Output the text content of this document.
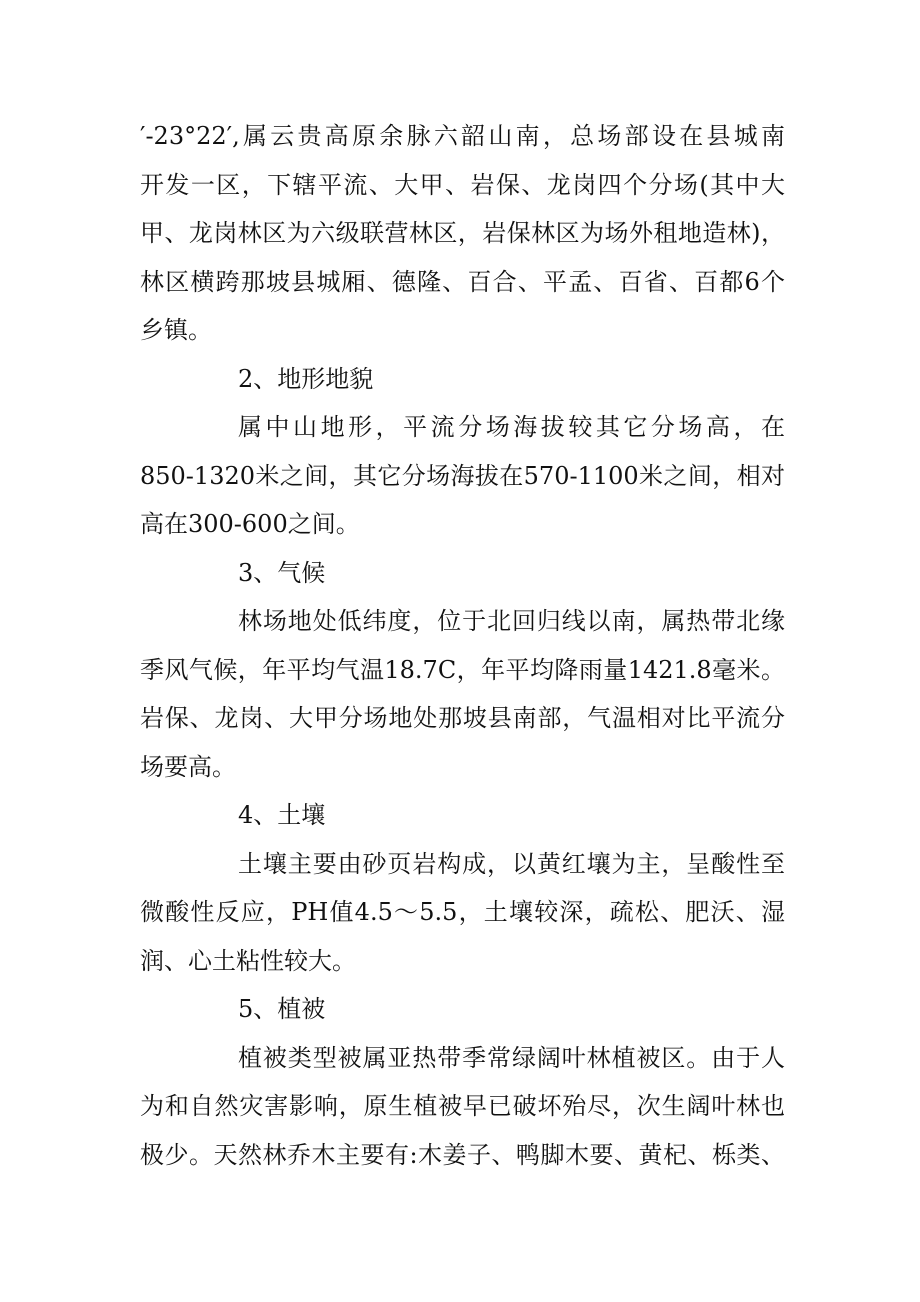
′-23°22′,属云贵高原余脉六韶山南，总场部设在县城南
开发一区，下辖平流、大甲、岩保、龙岗四个分场(其中大
甲、龙岗林区为六级联营林区，岩保林区为场外租地造林)，
林区横跨那坡县城厢、德隆、百合、平孟、百省、百都6个
乡镇。
2、地形地貌
属中山地形，平流分场海拔较其它分场高，在
850-1320米之间，其它分场海拔在570-1100米之间，相对
高在300-600之间。
3、气候
林场地处低纬度，位于北回归线以南，属热带北缘
季风气候，年平均气温18.7C，年平均降雨量1421.8毫米。
岩保、龙岗、大甲分场地处那坡县南部，气温相对比平流分
场要高。
4、土壤
土壤主要由砂页岩构成，以黄红壤为主，呈酸性至
微酸性反应，PH值4.5～5.5，土壤较深，疏松、肥沃、湿
润、心土粘性较大。
5、植被
植被类型被属亚热带季常绿阔叶林植被区。由于人
为和自然灾害影响，原生植被早已破坏殆尽，次生阔叶林也
极少。天然林乔木主要有:木姜子、鸭脚木要、黄杞、栎类、
